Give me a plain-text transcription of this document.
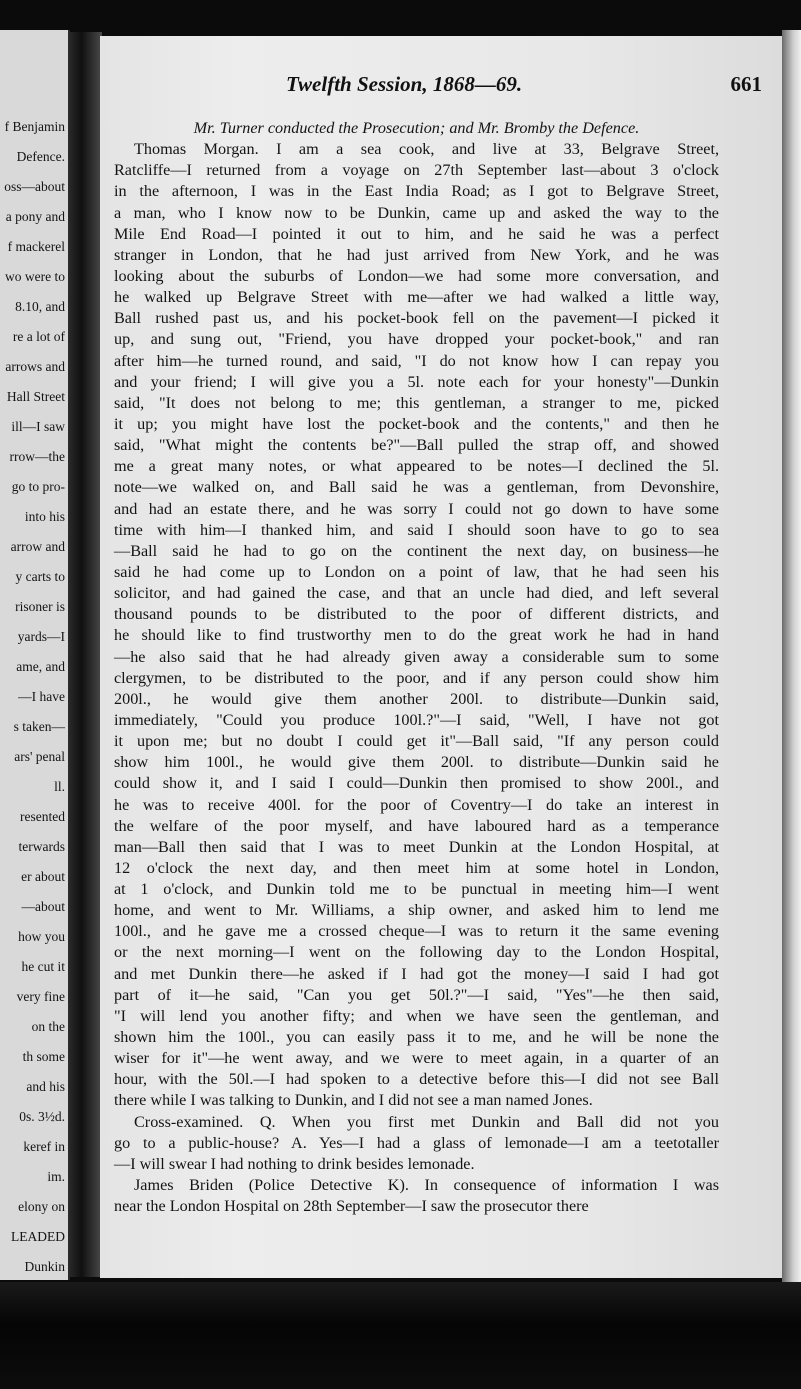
f Benjamin
Defence.
oss—about
a pony and
f mackerel
wo were to
8.10, and
re a lot of
arrows and
Hall Street
ill—I saw
rrow—the
go to pro-
into his
arrow and
y carts to
risoner is
yards—I
ame, and
—I have
s taken—
ars' penal
ll.
resented
terwards
er about
—about
how you
he cut it
very fine
on the
th some
and his
0s. 3½d.
keref in
im.
elony on
LEADED
Dunkin
Twelfth Session, 1868—69.	661
Mr. Turner conducted the Prosecution; and Mr. Bromby the Defence.
Thomas Morgan. I am a sea cook, and live at 33, Belgrave Street,
Ratcliffe—I returned from a voyage on 27th September last—about 3 o'clock
in the afternoon, I was in the East India Road; as I got to Belgrave Street,
a man, who I know now to be Dunkin, came up and asked the way to the
Mile End Road—I pointed it out to him, and he said he was a perfect
stranger in London, that he had just arrived from New York, and he was
looking about the suburbs of London—we had some more conversation, and
he walked up Belgrave Street with me—after we had walked a little way,
Ball rushed past us, and his pocket-book fell on the pavement—I picked it
up, and sung out, "Friend, you have dropped your pocket-book," and ran
after him—he turned round, and said, "I do not know how I can repay you
and your friend; I will give you a 5l. note each for your honesty"—Dunkin
said, "It does not belong to me; this gentleman, a stranger to me, picked
it up; you might have lost the pocket-book and the contents," and then he
said, "What might the contents be?"—Ball pulled the strap off, and showed
me a great many notes, or what appeared to be notes—I declined the 5l.
note—we walked on, and Ball said he was a gentleman, from Devonshire,
and had an estate there, and he was sorry I could not go down to have some
time with him—I thanked him, and said I should soon have to go to sea
—Ball said he had to go on the continent the next day, on business—he
said he had come up to London on a point of law, that he had seen his
solicitor, and had gained the case, and that an uncle had died, and left several
thousand pounds to be distributed to the poor of different districts, and
he should like to find trustworthy men to do the great work he had in hand
—he also said that he had already given away a considerable sum to some
clergymen, to be distributed to the poor, and if any person could show him
200l., he would give them another 200l. to distribute—Dunkin said,
immediately, "Could you produce 100l.?"—I said, "Well, I have not got
it upon me; but no doubt I could get it"—Ball said, "If any person could
show him 100l., he would give them 200l. to distribute—Dunkin said he
could show it, and I said I could—Dunkin then promised to show 200l., and
he was to receive 400l. for the poor of Coventry—I do take an interest in
the welfare of the poor myself, and have laboured hard as a temperance
man—Ball then said that I was to meet Dunkin at the London Hospital, at
12 o'clock the next day, and then meet him at some hotel in London,
at 1 o'clock, and Dunkin told me to be punctual in meeting him—I went
home, and went to Mr. Williams, a ship owner, and asked him to lend me
100l., and he gave me a crossed cheque—I was to return it the same evening
or the next morning—I went on the following day to the London Hospital,
and met Dunkin there—he asked if I had got the money—I said I had got
part of it—he said, "Can you get 50l.?"—I said, "Yes"—he then said,
"I will lend you another fifty; and when we have seen the gentleman, and
shown him the 100l., you can easily pass it to me, and he will be none the
wiser for it"—he went away, and we were to meet again, in a quarter of an
hour, with the 50l.—I had spoken to a detective before this—I did not see Ball
there while I was talking to Dunkin, and I did not see a man named Jones.
Cross-examined. Q. When you first met Dunkin and Ball did not you
go to a public-house? A. Yes—I had a glass of lemonade—I am a teetotaller
—I will swear I had nothing to drink besides lemonade.
James Briden (Police Detective K). In consequence of information I was
near the London Hospital on 28th September—I saw the prosecutor there
